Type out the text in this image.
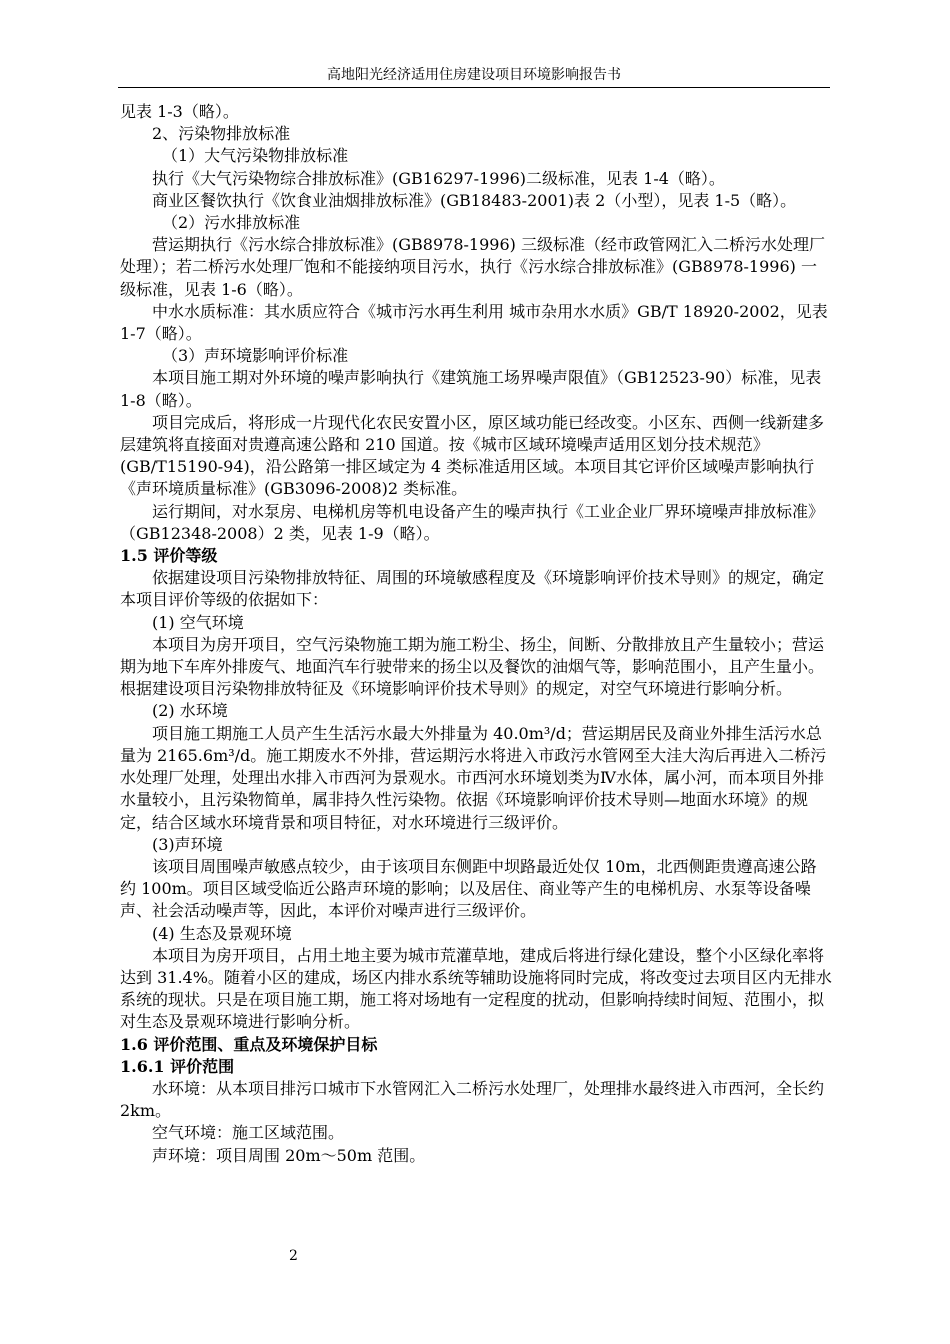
高地阳光经济适用住房建设项目环境影响报告书

见表 1-3（略）。

2、污染物排放标准

（1）大气污染物排放标准

执行《大气污染物综合排放标准》(GB16297-1996)二级标准，见表 1-4（略）。

商业区餐饮执行《饮食业油烟排放标准》(GB18483-2001)表 2（小型），见表 1-5（略）。

（2）污水排放标准

营运期执行《污水综合排放标准》(GB8978-1996) 三级标准（经市政管网汇入二桥污水处理厂处理）；若二桥污水处理厂饱和不能接纳项目污水，执行《污水综合排放标准》(GB8978-1996) 一级标准，见表 1-6（略）。

中水水质标准：其水质应符合《城市污水再生利用 城市杂用水水质》GB/T 18920-2002，见表 1-7（略）。

（3）声环境影响评价标准

本项目施工期对外环境的噪声影响执行《建筑施工场界噪声限值》（GB12523-90）标准，见表 1-8（略）。

项目完成后，将形成一片现代化农民安置小区，原区域功能已经改变。小区东、西侧一线新建多层建筑将直接面对贵遵高速公路和 210 国道。按《城市区域环境噪声适用区划分技术规范》(GB/T15190-94)，沿公路第一排区域定为 4 类标准适用区域。本项目其它评价区域噪声影响执行《声环境质量标准》(GB3096-2008)2 类标准。

运行期间，对水泵房、电梯机房等机电设备产生的噪声执行《工业企业厂界环境噪声排放标准》（GB12348-2008）2 类，见表 1-9（略）。

1.5 评价等级

依据建设项目污染物排放特征、周围的环境敏感程度及《环境影响评价技术导则》的规定，确定本项目评价等级的依据如下：

(1) 空气环境

本项目为房开项目，空气污染物施工期为施工粉尘、扬尘，间断、分散排放且产生量较小；营运期为地下车库外排废气、地面汽车行驶带来的扬尘以及餐饮的油烟气等，影响范围小，且产生量小。根据建设项目污染物排放特征及《环境影响评价技术导则》的规定，对空气环境进行影响分析。

(2) 水环境

项目施工期施工人员产生生活污水最大外排量为 40.0m³/d；营运期居民及商业外排生活污水总量为 2165.6m³/d。施工期废水不外排，营运期污水将进入市政污水管网至大洼大沟后再进入二桥污水处理厂处理，处理出水排入市西河为景观水。市西河水环境划类为Ⅳ水体，属小河，而本项目外排水量较小，且污染物简单，属非持久性污染物。依据《环境影响评价技术导则—地面水环境》的规定，结合区域水环境背景和项目特征，对水环境进行三级评价。

(3)声环境

该项目周围噪声敏感点较少，由于该项目东侧距中坝路最近处仅 10m，北西侧距贵遵高速公路约 100m。项目区域受临近公路声环境的影响；以及居住、商业等产生的电梯机房、水泵等设备噪声、社会活动噪声等，因此，本评价对噪声进行三级评价。

(4) 生态及景观环境

本项目为房开项目，占用土地主要为城市荒灌草地，建成后将进行绿化建设，整个小区绿化率将达到 31.4%。随着小区的建成，场区内排水系统等辅助设施将同时完成，将改变过去项目区内无排水系统的现状。只是在项目施工期，施工将对场地有一定程度的扰动，但影响持续时间短、范围小，拟对生态及景观环境进行影响分析。

1.6 评价范围、重点及环境保护目标

1.6.1 评价范围

水环境：从本项目排污口城市下水管网汇入二桥污水处理厂，处理排水最终进入市西河，全长约 2km。

空气环境：施工区域范围。

声环境：项目周围 20m～50m 范围。

2
